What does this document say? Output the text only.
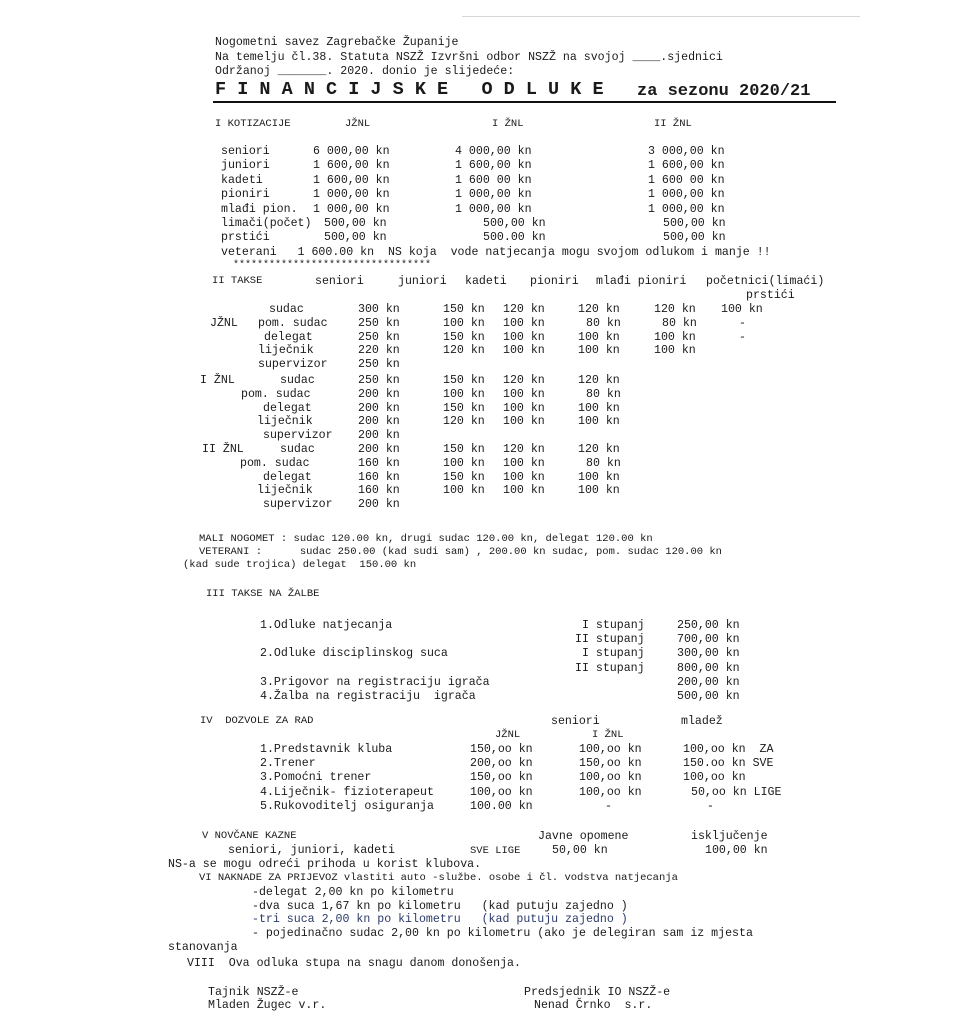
Nogometni savez Zagrebačke Županije
Na temelju čl.38. Statuta NSZŽ Izvršni odbor NSZŽ na svojoj ____.sjednici
Održanoj _______. 2020. donio je slijedeće:
F I N A N C I J S K E   O D L U K E za sezonu 2020/21
I KOTIZACIJE	JŽNL	I ŽNL	II ŽNL
seniori	6 000,00 kn	4 000,00 kn	3 000,00 kn
juniori	1 600,00 kn	1 600,00 kn	1 600,00 kn
kadeti	1 600,00 kn	1 600 00 kn	1 600 00 kn
pioniri	1 000,00 kn	1 000,00 kn	1 000,00 kn
mlađi pion. 1 000,00 kn	1 000,00 kn	1 000,00 kn
limači(počet) 500,00 kn	500,00 kn	500,00 kn
prstići	500,00 kn	500.00 kn	500,00 kn
veterani   1 600.00 kn  NS koja  vode natjecanja mogu svojom odlukom i manje !!
*********************************
II TAKSE	seniori	juniori kadeti pioniri mlađi pioniri početnici(limaći)
prstići
JŽNL
sudac	300 kn	150 kn 120 kn	120 kn	120 kn 100 kn
pom. sudac	250 kn	100 kn 100 kn	80 kn	80 kn	-
delegat	250 kn	150 kn 100 kn	100 kn	100 kn	-
liječnik	220 kn	120 kn 100 kn	100 kn	100 kn
supervizor	250 kn
I ŽNL	sudac	250 kn	150 kn 120 kn	120 kn
pom. sudac	200 kn	100 kn 100 kn	80 kn
delegat	200 kn	150 kn 100 kn	100 kn
liječnik	200 kn	120 kn 100 kn	100 kn
supervizor 200 kn
II ŽNL	sudac	200 kn	150 kn 120 kn	120 kn
pom. sudac	160 kn	100 kn 100 kn	80 kn
delegat	160 kn	150 kn 100 kn	100 kn
liječnik	160 kn	100 kn 100 kn	100 kn
supervizor 200 kn
MALI NOGOMET : sudac 120.00 kn, drugi sudac 120.00 kn, delegat 120.00 kn
VETERANI :      sudac 250.00 (kad sudi sam) , 200.00 kn sudac, pom. sudac 120.00 kn
(kad sude trojica) delegat  150.00 kn
III TAKSE NA ŽALBE
1.Odluke natjecanja	I stupanj	250,00 kn
II stupanj	700,00 kn
2.Odluke disciplinskog suca	I stupanj	300,00 kn
II stupanj	800,00 kn
3.Prigovor na registraciju igrača	200,00 kn
4.Žalba na registraciju  igrača	500,00 kn
IV  DOZVOLE ZA RAD	seniori	mladež
JŽNL	I ŽNL
1.Predstavnik kluba	150,oo kn	100,oo kn	100,oo kn  ZA
2.Trener	200,oo kn	150,oo kn	150.oo kn SVE
3.Pomoćni trener	150,oo kn	100,oo kn	100,oo kn
4.Liječnik- fizioterapeut	100,oo kn	100,oo kn	50,oo kn LIGE
5.Rukovoditelj osiguranja	100.00 kn	-	-
V NOVČANE KAZNE	Javne opomene	isključenje
seniori, juniori, kadeti	SVE LIGE	50,00 kn	100,00 kn
NS-a se mogu odreći prihoda u korist klubova.
VI NAKNADE ZA PRIJEVOZ vlastiti auto -službe. osobe i čl. vodstva natjecanja
-delegat 2,00 kn po kilometru
-dva suca 1,67 kn po kilometru   (kad putuju zajedno )
-tri suca 2,00 kn po kilometru   (kad putuju zajedno )
- pojedinačno sudac 2,00 kn po kilometru (ako je delegiran sam iz mjesta
stanovanja
VIII  Ova odluka stupa na snagu danom donošenja.
Tajnik NSZŽ-e
Mladen Žugec v.r.
Predsjednik IO NSZŽ-e
Nenad Črnko  s.r.
